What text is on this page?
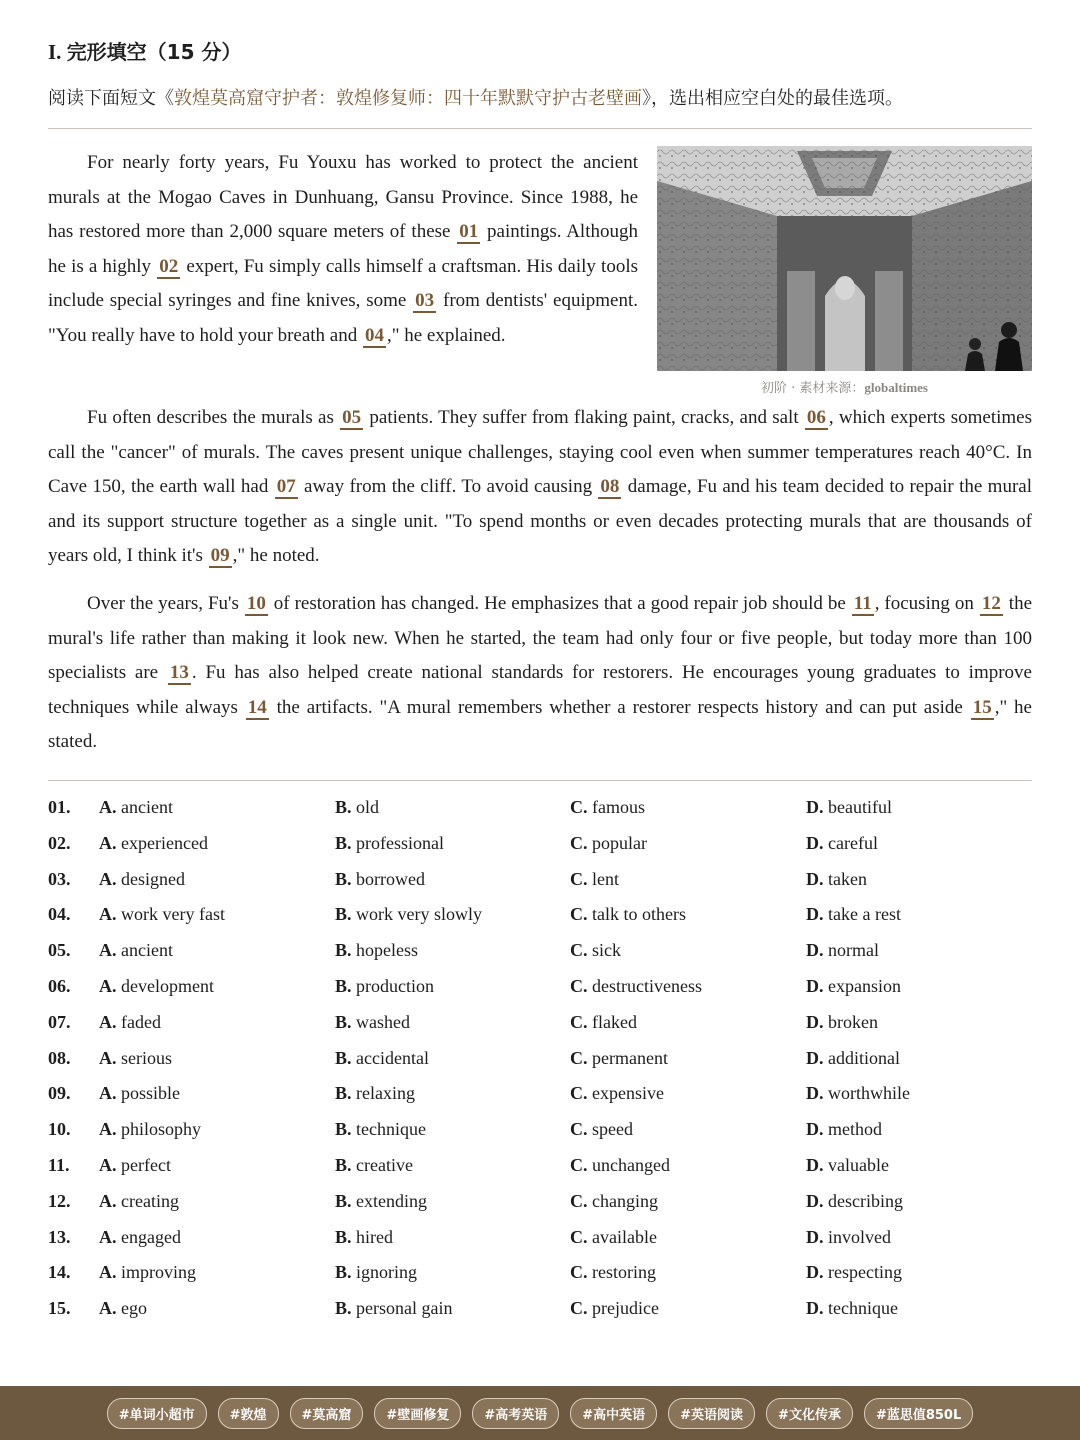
I. 完形填空（15 分）
阅读下面短文《敦煌莫高窟守护者：敦煌修复师：四十年默默守护古老壁画》，选出相应空白处的最佳选项。

For nearly forty years, Fu Youxu has worked to protect the ancient murals at the Mogao Caves in Dunhuang, Gansu Province. Since 1988, he has restored more than 2,000 square meters of these 01 paintings. Although he is a highly 02 expert, Fu simply calls himself a craftsman. His daily tools include special syringes and fine knives, some 03 from dentists' equipment. "You really have to hold your breath and 04 ," he explained.

初阶 · 素材来源：globaltimes

Fu often describes the murals as 05 patients. They suffer from flaking paint, cracks, and salt 06 , which experts sometimes call the "cancer" of murals. The caves present unique challenges, staying cool even when summer temperatures reach 40°C. In Cave 150, the earth wall had 07 away from the cliff. To avoid causing 08 damage, Fu and his team decided to repair the mural and its support structure together as a single unit. "To spend months or even decades protecting murals that are thousands of years old, I think it's 09 ," he noted.

Over the years, Fu's 10 of restoration has changed. He emphasizes that a good repair job should be 11 , focusing on 12 the mural's life rather than making it look new. When he started, the team had only four or five people, but today more than 100 specialists are 13 . Fu has also helped create national standards for restorers. He encourages young graduates to improve techniques while always 14 the artifacts. "A mural remembers whether a restorer respects history and can put aside 15 ," he stated.

01. A. ancient	B. old	C. famous	D. beautiful
02. A. experienced	B. professional	C. popular	D. careful
03. A. designed	B. borrowed	C. lent	D. taken
04. A. work very fast	B. work very slowly	C. talk to others	D. take a rest
05. A. ancient	B. hopeless	C. sick	D. normal
06. A. development	B. production	C. destructiveness	D. expansion
07. A. faded	B. washed	C. flaked	D. broken
08. A. serious	B. accidental	C. permanent	D. additional
09. A. possible	B. relaxing	C. expensive	D. worthwhile
10. A. philosophy	B. technique	C. speed	D. method
11. A. perfect	B. creative	C. unchanged	D. valuable
12. A. creating	B. extending	C. changing	D. describing
13. A. engaged	B. hired	C. available	D. involved
14. A. improving	B. ignoring	C. restoring	D. respecting
15. A. ego	B. personal gain	C. prejudice	D. technique
#单词小超市	#敦煌	#莫高窟	#壁画修复	#高考英语	#高中英语	#英语阅读	#文化传承	#蓝思值850L
